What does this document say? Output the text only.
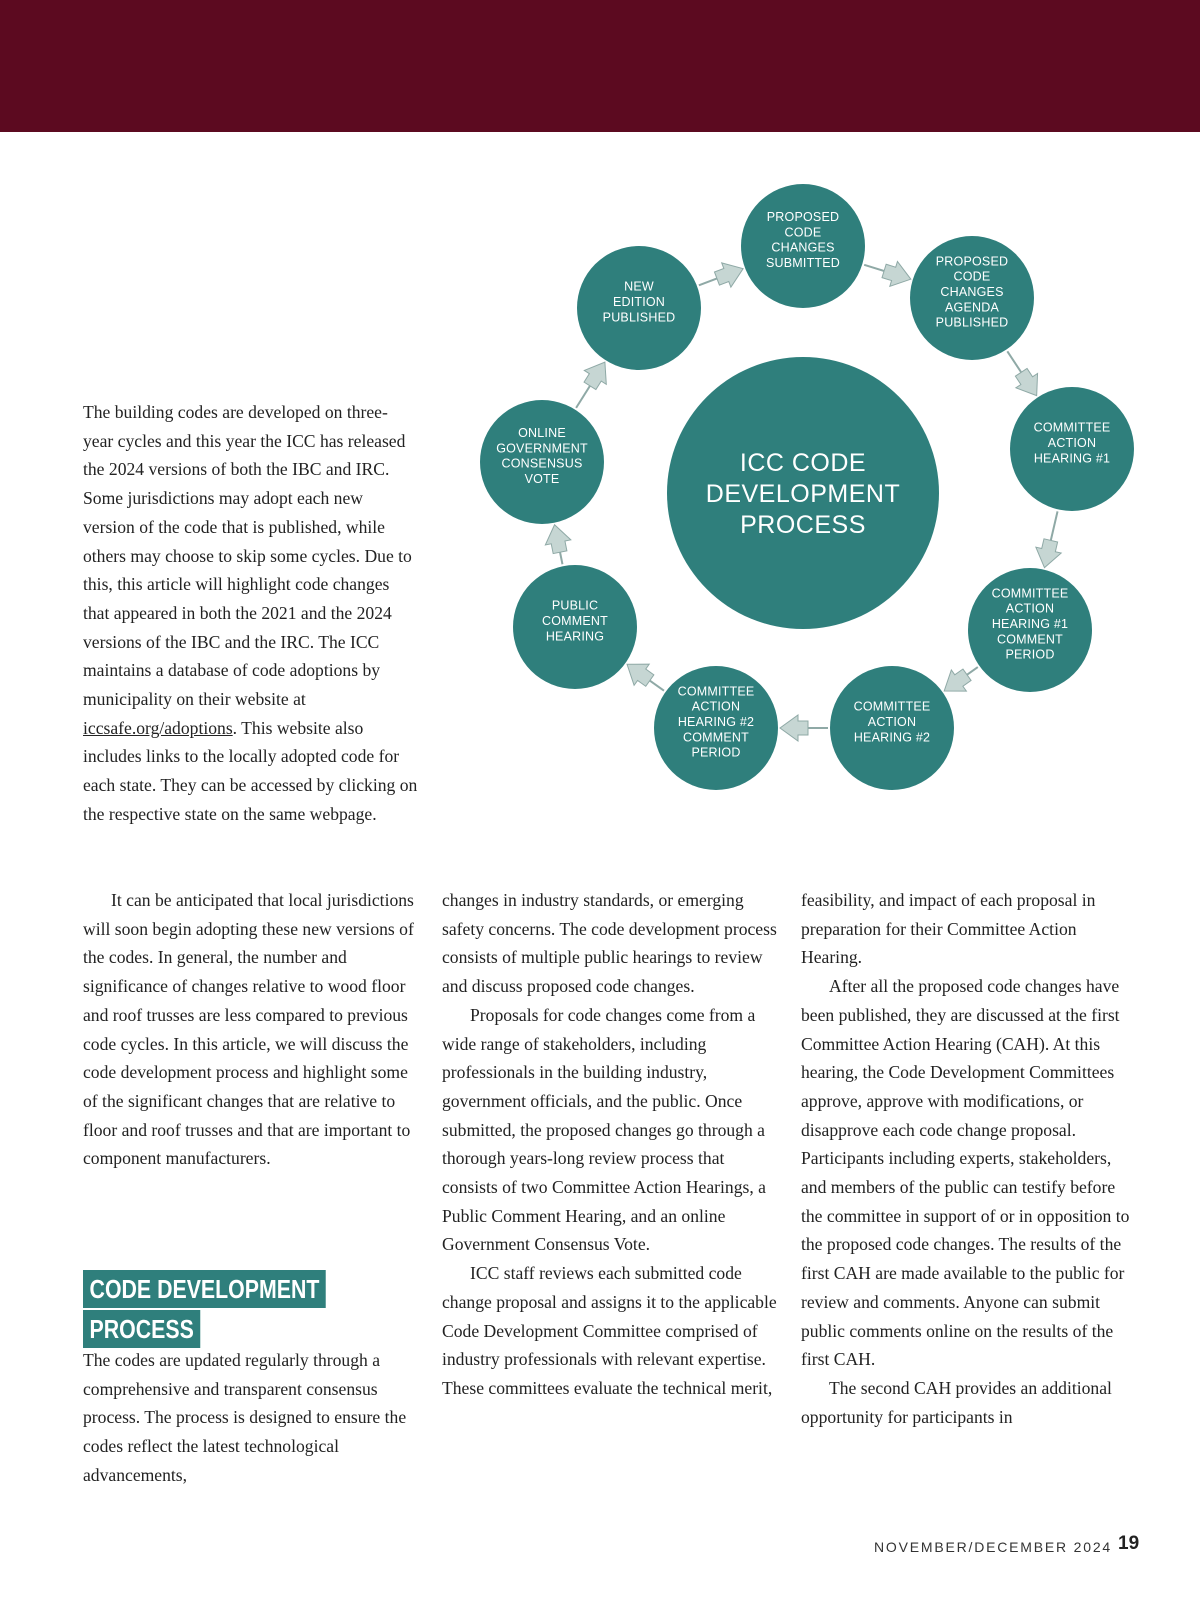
PROPOSED
CODE
CHANGES
SUBMITTED	PROPOSED
CODE
CHANGES
AGENDA
PUBLISHED
COMMITTEE
ACTION
HEARING #1
COMMITTEE
ACTION
HEARING #1
COMMENT
PERIOD
COMMITTEE
ACTION
HEARING #2
COMMITTEE
ACTION
HEARING #2
COMMENT
PERIOD
PUBLIC
COMMENT
HEARING
ONLINE
GOVERNMENT
CONSENSUS
VOTE
NEW
EDITION
PUBLISHED
ICC CODE
DEVELOPMENT
PROCESS

The building codes are developed on three-year cycles and this year the ICC has released the 2024 versions of both the IBC and IRC. Some jurisdictions may adopt each new version of the code that is published, while others may choose to skip some cycles. Due to this, this article will highlight code changes that appeared in both the 2021 and the 2024 versions of the IBC and the IRC. The ICC maintains a database of code adoptions by municipality on their website at iccsafe.org/adoptions. This website also includes links to the locally adopted code for each state. They can be accessed by clicking on the respective state on the same webpage.

It can be anticipated that local jurisdictions will soon begin adopting these new versions of the codes. In general, the number and significance of changes relative to wood floor and roof trusses are less compared to previous code cycles. In this article, we will discuss the code development process and highlight some of the significant changes that are relative to floor and roof trusses and that are important to component manufacturers.

CODE DEVELOPMENT
PROCESS

The codes are updated regularly through a comprehensive and transparent consensus process. The process is designed to ensure the codes reflect the latest technological advancements,

changes in industry standards, or emerging safety concerns. The code development process consists of multiple public hearings to review and discuss proposed code changes.

Proposals for code changes come from a wide range of stakeholders, including professionals in the building industry, government officials, and the public. Once submitted, the proposed changes go through a thorough years-long review process that consists of two Committee Action Hearings, a Public Comment Hearing, and an online Government Consensus Vote.

ICC staff reviews each submitted code change proposal and assigns it to the applicable Code Development Committee comprised of industry professionals with relevant expertise. These committees evaluate the technical merit,

feasibility, and impact of each proposal in preparation for their Committee Action Hearing.

After all the proposed code changes have been published, they are discussed at the first Committee Action Hearing (CAH). At this hearing, the Code Development Committees approve, approve with modifications, or disapprove each code change proposal. Participants including experts, stakeholders, and members of the public can testify before the committee in support of or in opposition to the proposed code changes. The results of the first CAH are made available to the public for review and comments. Anyone can submit public comments online on the results of the first CAH.

The second CAH provides an additional opportunity for participants in

NOVEMBER/DECEMBER 2024 19
